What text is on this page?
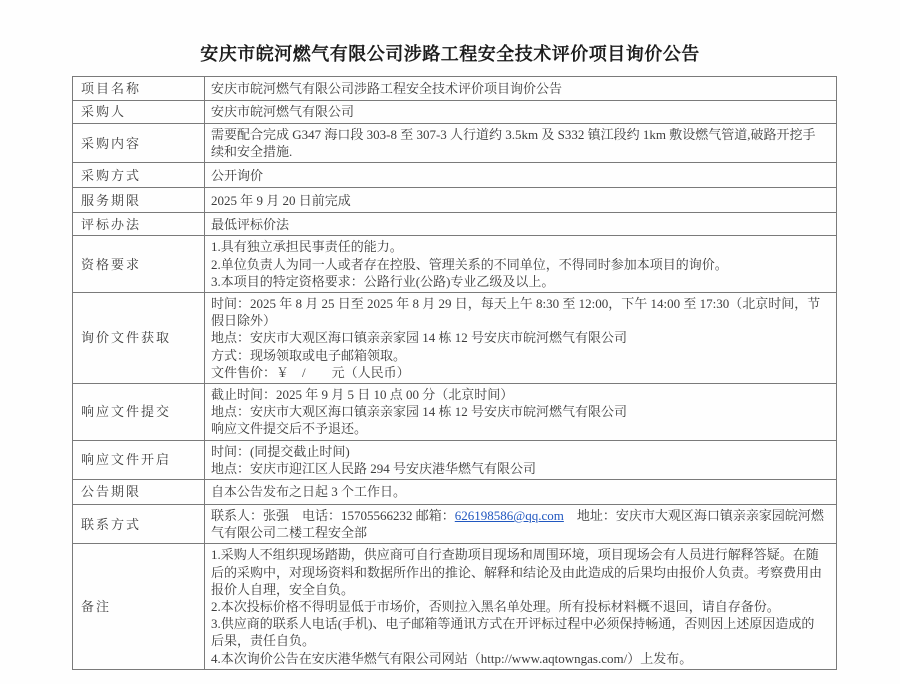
安庆市皖河燃气有限公司涉路工程安全技术评价项目询价公告
项目名称	安庆市皖河燃气有限公司涉路工程安全技术评价项目询价公告
采购人	安庆市皖河燃气有限公司
采购内容	需要配合完成 G347 海口段 303-8 至 307-3 人行道约 3.5km 及 S332 镇江段约 1km 敷设燃气管道,破路开挖手续和安全措施.
采购方式	公开询价
服务期限	2025 年 9 月 20 日前完成
评标办法	最低评标价法
资格要求	1.具有独立承担民事责任的能力。
2.单位负责人为同一人或者存在控股、管理关系的不同单位，不得同时参加本项目的询价。
3.本项目的特定资格要求：公路行业(公路)专业乙级及以上。

询价文件获取	时间：2025 年 8 月 25 日至 2025 年 8 月 29 日，每天上午 8:30 至 12:00，下午 14:00 至 17:30（北京时间，节假日除外）
地点：安庆市大观区海口镇亲亲家园 14 栋 12 号安庆市皖河燃气有限公司
方式：现场领取或电子邮箱领取。
文件售价：￥　/　　元（人民币）

响应文件提交	截止时间：2025 年 9 月 5 日 10 点 00 分（北京时间）
地点：安庆市大观区海口镇亲亲家园 14 栋 12 号安庆市皖河燃气有限公司
响应文件提交后不予退还。

响应文件开启	时间：(同提交截止时间)
地点：安庆市迎江区人民路 294 号安庆港华燃气有限公司

公告期限	自本公告发布之日起 3 个工作日。
联系方式	联系人：张强　电话：15705566232 邮箱：626198586@qq.com　地址：安庆市大观区海口镇亲亲家园皖河燃气有限公司二楼工程安全部
备注	1.采购人不组织现场踏勘，供应商可自行查勘项目现场和周围环境，项目现场会有人员进行解释答疑。在随后的采购中，对现场资料和数据所作出的推论、解释和结论及由此造成的后果均由报价人负责。考察费用由报价人自理，安全自负。
2.本次投标价格不得明显低于市场价，否则拉入黑名单处理。所有投标材料概不退回，请自存备份。
3.供应商的联系人电话(手机)、电子邮箱等通讯方式在开评标过程中必须保持畅通，否则因上述原因造成的后果，责任自负。
4.本次询价公告在安庆港华燃气有限公司网站（http://www.aqtowngas.com/）上发布。
